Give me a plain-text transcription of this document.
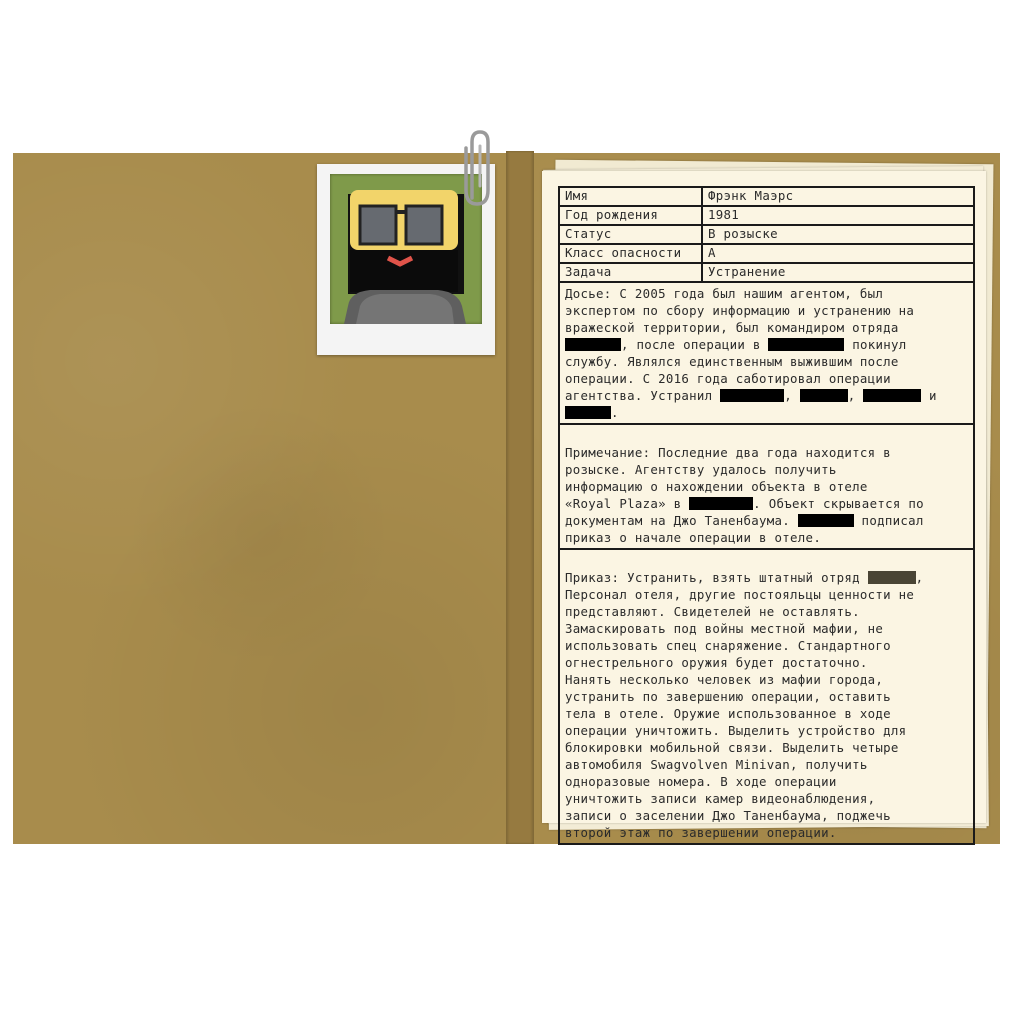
Имя	Фрэнк Маэрс
Год рождения	1981
Статус	В розыске
Класс опасности	А
Задача	Устранение
Досье: С 2005 года был нашим агентом, был
экспертом по сбору информацию и устранению на
вражеской территории, был командиром отряда
, после операции в	покинул
службу. Являлся единственным выжившим после
операции. С 2016 года саботировал операции
агентства. Устранил	,	,	и
.
Примечание: Последние два года находится в
розыске. Агентству удалось получить
информацию о нахождении объекта в отеле
«Royal Plaza» в	. Объект скрывается по
документам на Джо Таненбаума.	подписал
приказ о начале операции в отеле.
Приказ: Устранить, взять штатный отряд	,
Персонал отеля, другие постояльцы ценности не
представляют. Свидетелей не оставлять.
Замаскировать под войны местной мафии, не
использовать спец снаряжение. Стандартного
огнестрельного оружия будет достаточно.
Нанять несколько человек из мафии города,
устранить по завершению операции, оставить
тела в отеле. Оружие использованное в ходе
операции уничтожить. Выделить устройство для
блокировки мобильной связи. Выделить четыре
автомобиля Swagvolven Minivan, получить
одноразовые номера. В ходе операции
уничтожить записи камер видеонаблюдения,
записи о заселении Джо Таненбаума, поджечь
второй этаж по завершении операции.
